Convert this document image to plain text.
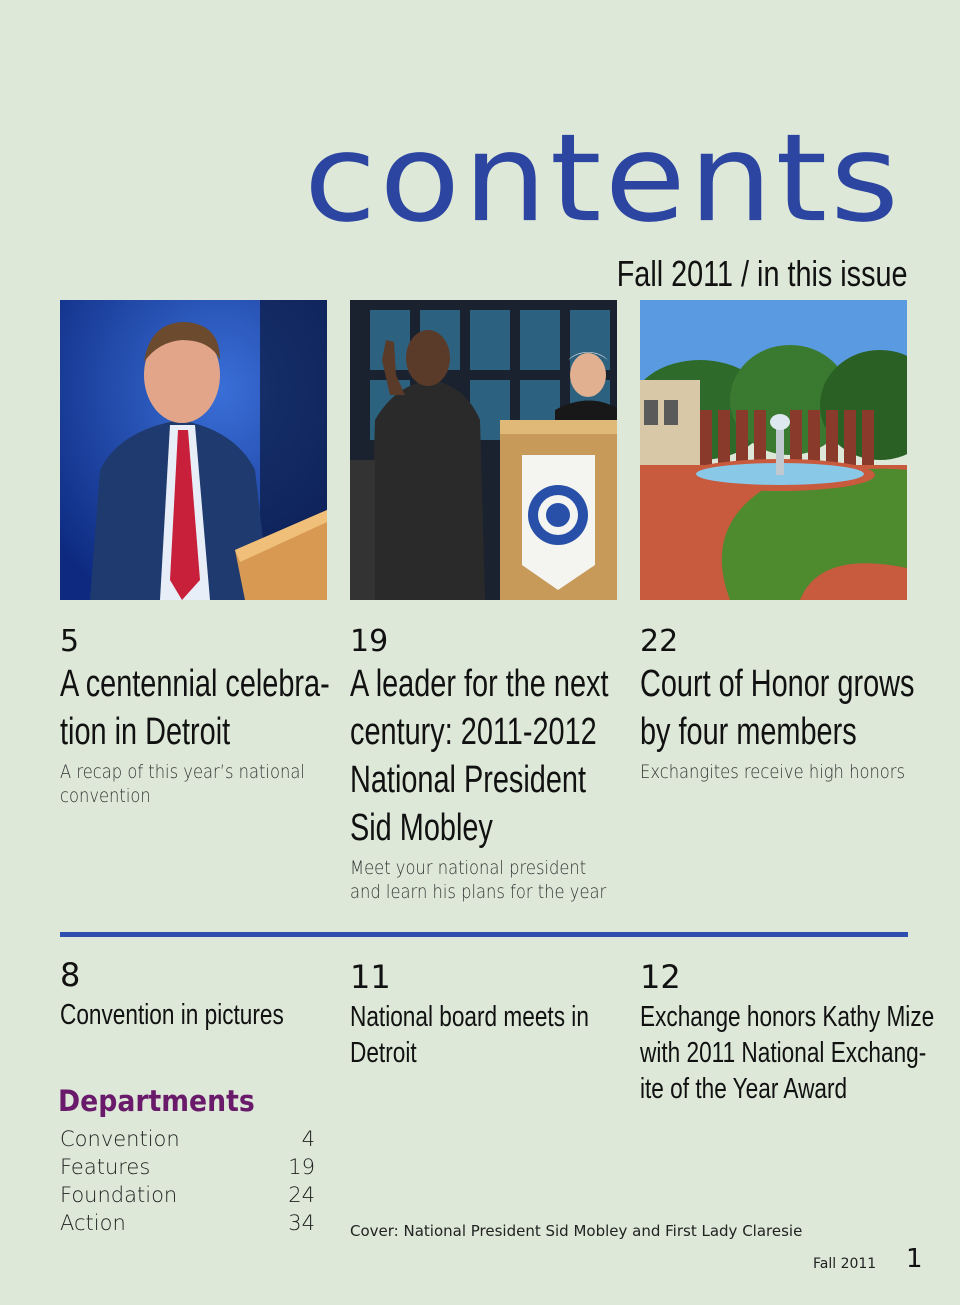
contents
Fall 2011 / in this issue
5
A centennial celebra-
tion in Detroit
A recap of this year’s national
convention
19
A leader for the next
century: 2011-2012
National President
Sid Mobley
Meet your national president
and learn his plans for the year
22
Court of Honor grows
by four members
Exchangites receive high honors
8
Convention in pictures
11
National board meets in
Detroit
12
Exchange honors Kathy Mize
with 2011 National Exchang-
ite of the Year Award
Departments
Convention	4
Features	19
Foundation	24
Action	34 Cover: National President Sid Mobley and First Lady Claresie
Fall 2011 1
